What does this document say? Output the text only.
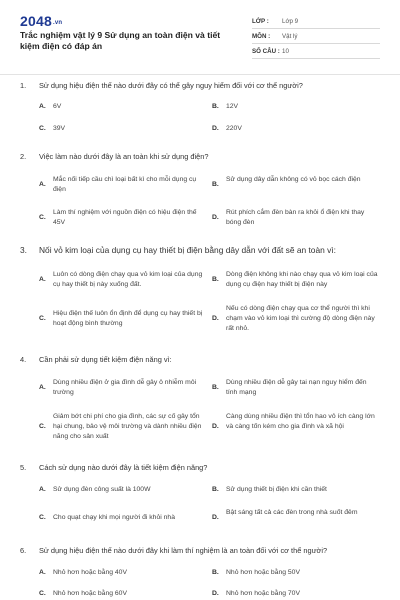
2048.vn
Trắc nghiệm vật lý 9 Sử dụng an toàn điện và tiết kiệm điện có đáp án
LỚP : Lớp 9
MÔN : Vật lý
SỐ CÂU : 10
1. Sử dụng hiệu điện thế nào dưới đây có thể gây nguy hiểm đối với cơ thể người?
A. 6V	B. 12V
C. 39V	D. 220V
2. Việc làm nào dưới đây là an toàn khi sử dụng điện?
A.
Mắc nối tiếp cầu chì loại bất kì cho mỗi dụng cụ điện
B.
Sử dụng dây dẫn không có vỏ bọc cách điện
C.
Làm thí nghiệm với nguồn điện có hiệu điện thế 45V
D.
Rút phích cắm đèn bàn ra khỏi ổ điện khi thay bóng đèn
3. Nối vỏ kim loại của dụng cụ hay thiết bị điện bằng dây dẫn với đất sẽ an toàn vì:
A.
Luôn có dòng điện chạy qua vỏ kim loại của dụng cụ hay thiết bị này xuống đất.
B.
Dòng điện không khi nào chạy qua vỏ kim loại của dụng cụ điện hay thiết bị điện này
C.
Hiệu điện thế luôn ổn định để dụng cụ hay thiết bị hoạt động bình thường
D.
Nếu có dòng điện chạy qua cơ thể người thì khi chạm vào vỏ kim loại thì cường độ dòng điện này rất nhỏ.
4. Cần phải sử dụng tiết kiệm điện năng vì:
A.
Dùng nhiều điện ở gia đình dễ gây ô nhiễm môi trường
B.
Dùng nhiều điện dễ gây tai nạn nguy hiểm đến tính mạng
C.
Giảm bớt chi phí cho gia đình, các sự cố gây tổn hại chung, bảo vệ môi trường và dành nhiều điện năng cho sản xuất
D.
Càng dùng nhiều điện thì tổn hao vô ích càng lớn và càng tốn kém cho gia đình và xã hội
5. Cách sử dụng nào dưới đây là tiết kiệm điện năng?
A. Sử dụng đèn công suất là 100W	B. Sử dụng thiết bị điện khi cần thiết
C. Cho quạt chạy khi mọi người đi khỏi nhà	D.
Bật sáng tất cả các đèn trong nhà suốt đêm
6. Sử dụng hiệu điện thế nào dưới đây khi làm thí nghiệm là an toàn đối với cơ thể người?
A. Nhỏ hơn hoặc bằng 40V	B. Nhỏ hơn hoặc bằng 50V
C. Nhỏ hơn hoặc bằng 60V	D. Nhỏ hơn hoặc bằng 70V
